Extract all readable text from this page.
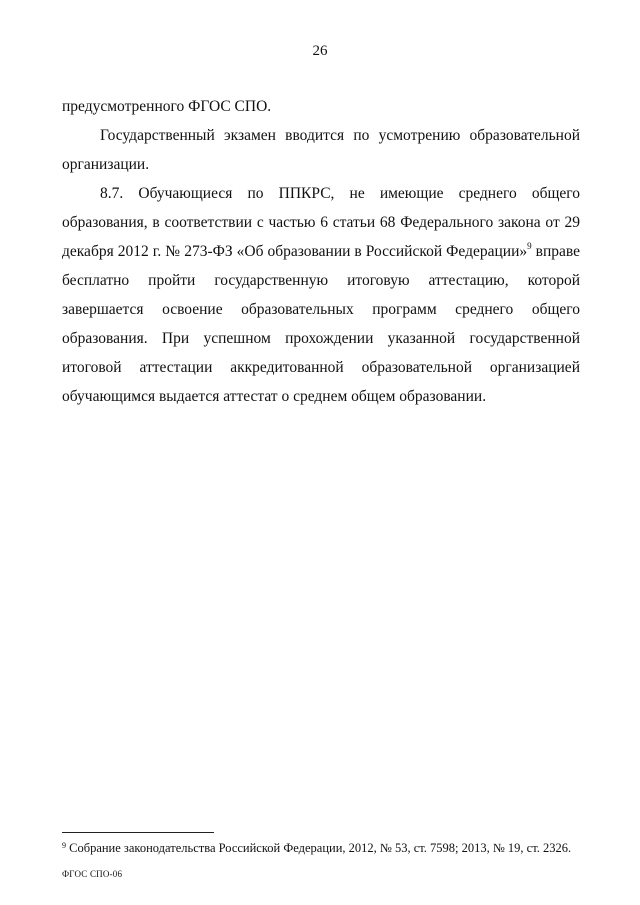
26

предусмотренного ФГОС СПО.

Государственный экзамен вводится по усмотрению образовательной организации.

8.7. Обучающиеся по ППКРС, не имеющие среднего общего образования, в соответствии с частью 6 статьи 68 Федерального закона от 29 декабря 2012 г. № 273-ФЗ «Об образовании в Российской Федерации»$^9$ вправе бесплатно пройти государственную итоговую аттестацию, которой завершается освоение образовательных программ среднего общего образования. При успешном прохождении указанной государственной итоговой аттестации аккредитованной образовательной организацией обучающимся выдается аттестат о среднем общем образовании.

$^9$ Собрание законодательства Российской Федерации, 2012, № 53, ст. 7598; 2013, № 19, ст. 2326.
ФГОС СПО-06
